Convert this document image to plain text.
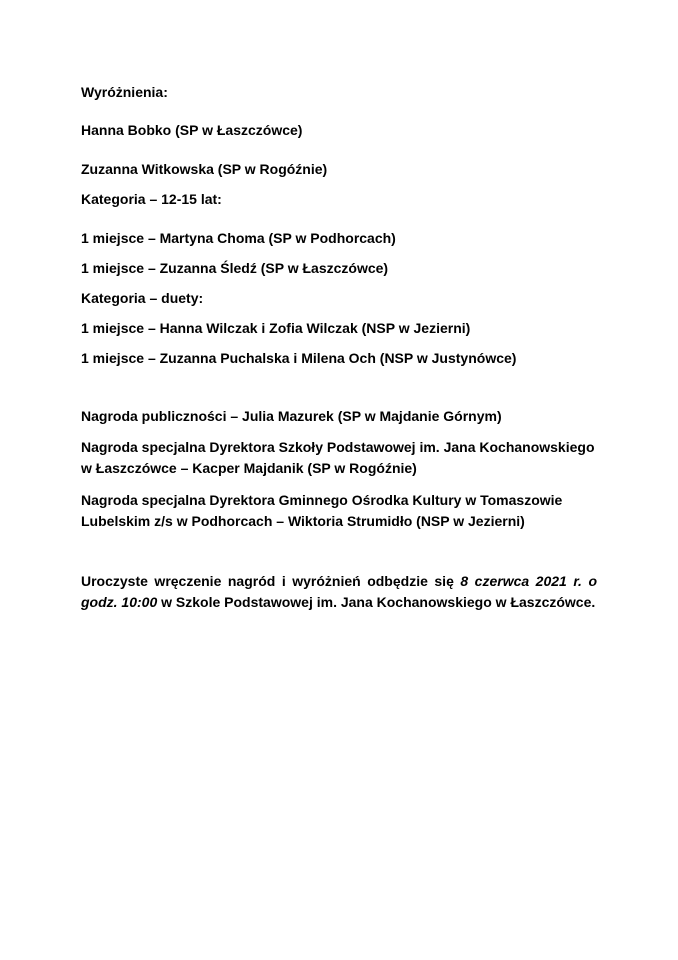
Wyróżnienia:

Hanna Bobko (SP w Łaszczówce)

Zuzanna Witkowska (SP w Rogóźnie)

Kategoria – 12-15 lat:

1 miejsce – Martyna Choma (SP w Podhorcach)

1 miejsce – Zuzanna Śledź (SP w Łaszczówce)

Kategoria – duety:

1 miejsce – Hanna Wilczak i Zofia Wilczak (NSP w Jezierni)

1 miejsce – Zuzanna Puchalska i Milena Och (NSP w Justynówce)

Nagroda publiczności – Julia Mazurek (SP w Majdanie Górnym)

Nagroda specjalna Dyrektora Szkoły Podstawowej im. Jana Kochanowskiego
w Łaszczówce – Kacper Majdanik (SP w Rogóźnie)
Nagroda specjalna Dyrektora Gminnego Ośrodka Kultury w Tomaszowie
Lubelskim z/s w Podhorcach – Wiktoria Strumidło (NSP w Jezierni)

Uroczyste wręczenie nagród i wyróżnień odbędzie się 8 czerwca 2021 r. o godz. 10:00 w Szkole Podstawowej im. Jana Kochanowskiego w Łaszczówce.
